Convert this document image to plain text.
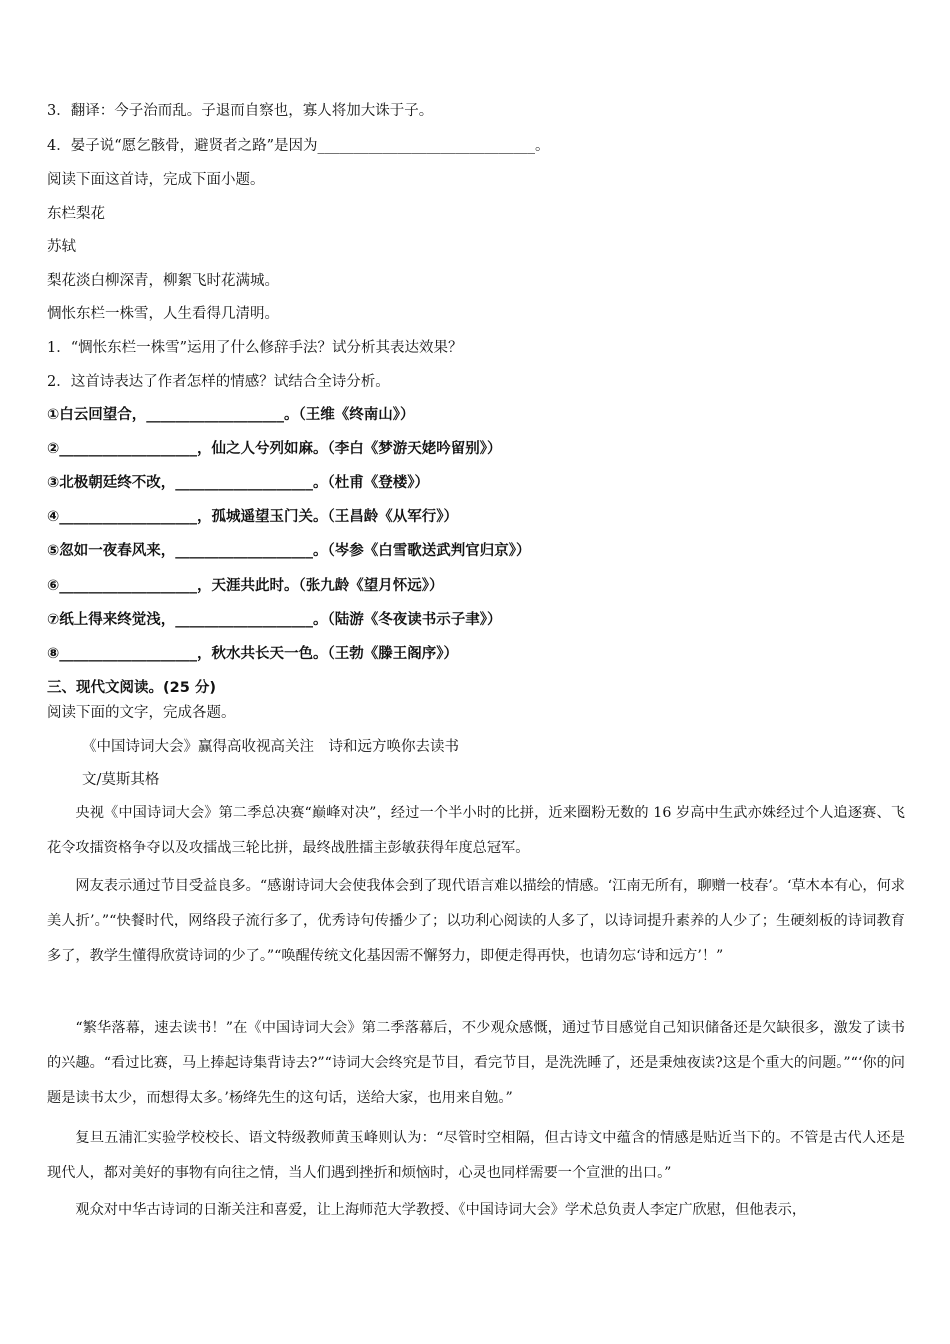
3．翻译：今子治而乱。子退而自察也，寡人将加大诛于子。
4．晏子说“愿乞骸骨，避贤者之路”是因为______________________________。
阅读下面这首诗，完成下面小题。
东栏梨花
苏轼
梨花淡白柳深青，柳絮飞时花满城。
惆怅东栏一株雪，人生看得几清明。
1．“惆怅东栏一株雪”运用了什么修辞手法？试分析其表达效果？
2．这首诗表达了作者怎样的情感？试结合全诗分析。
①白云回望合，___________________。（王维《终南山》）
②___________________，仙之人兮列如麻。（李白《梦游天姥吟留别》）
③北极朝廷终不改，___________________。（杜甫《登楼》）
④___________________，孤城遥望玉门关。（王昌龄《从军行》）
⑤忽如一夜春风来，___________________。（岑参《白雪歌送武判官归京》）
⑥___________________，天涯共此时。（张九龄《望月怀远》）
⑦纸上得来终觉浅，___________________。（陆游《冬夜读书示子聿》）
⑧___________________，秋水共长天一色。（王勃《滕王阁序》）
三、现代文阅读。(25 分)
阅读下面的文字，完成各题。
《中国诗词大会》赢得高收视高关注　诗和远方唤你去读书
文/莫斯其格
央视《中国诗词大会》第二季总决赛“巅峰对决”，经过一个半小时的比拼，近来圈粉无数的 16 岁高中生武亦姝经过个人追逐赛、飞花令攻擂资格争夺以及攻擂战三轮比拼，最终战胜擂主彭敏获得年度总冠军。
网友表示通过节目受益良多。“感谢诗词大会使我体会到了现代语言难以描绘的情感。‘江南无所有，聊赠一枝春’。‘草木本有心，何求美人折’。”“快餐时代，网络段子流行多了，优秀诗句传播少了；以功利心阅读的人多了，以诗词提升素养的人少了；生硬刻板的诗词教育多了，教学生懂得欣赏诗词的少了。”“唤醒传统文化基因需不懈努力，即便走得再快，也请勿忘‘诗和远方’！”
“繁华落幕，速去读书！”在《中国诗词大会》第二季落幕后，不少观众感慨，通过节目感觉自己知识储备还是欠缺很多，激发了读书的兴趣。“看过比赛，马上捧起诗集背诗去?”“诗词大会终究是节目，看完节目，是洗洗睡了，还是秉烛夜读?这是个重大的问题。”“‘你的问题是读书太少，而想得太多。’杨绛先生的这句话，送给大家，也用来自勉。”
复旦五浦汇实验学校校长、语文特级教师黄玉峰则认为：“尽管时空相隔，但古诗文中蕴含的情感是贴近当下的。不管是古代人还是现代人，都对美好的事物有向往之情，当人们遇到挫折和烦恼时，心灵也同样需要一个宣泄的出口。”
观众对中华古诗词的日渐关注和喜爱，让上海师范大学教授、《中国诗词大会》学术总负责人李定广欣慰，但他表示，
